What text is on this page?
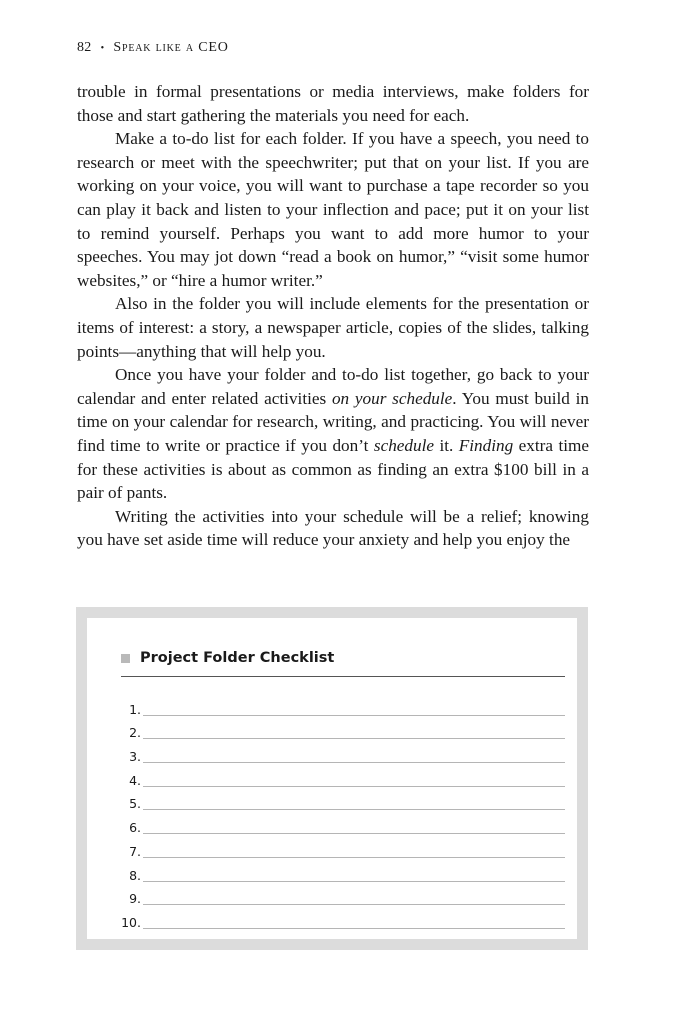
82 • Speak like a CEO

trouble in formal presentations or media interviews, make folders for those and start gathering the materials you need for each.

Make a to-do list for each folder. If you have a speech, you need to research or meet with the speechwriter; put that on your list. If you are working on your voice, you will want to purchase a tape recorder so you can play it back and listen to your inflection and pace; put it on your list to remind yourself. Perhaps you want to add more humor to your speeches. You may jot down “read a book on humor,” “visit some humor websites,” or “hire a humor writer.”

Also in the folder you will include elements for the presentation or items of interest: a story, a newspaper article, copies of the slides, talking points—anything that will help you.

Once you have your folder and to-do list together, go back to your calendar and enter related activities on your schedule. You must build in time on your calendar for research, writing, and practicing. You will never find time to write or practice if you don’t schedule it. Finding extra time for these activities is about as common as finding an extra $100 bill in a pair of pants.

Writing the activities into your schedule will be a relief; knowing you have set aside time will reduce your anxiety and help you enjoy the

Project Folder Checklist
1.
2.
3.
4.
5.
6.
7.
8.
9.
10.
